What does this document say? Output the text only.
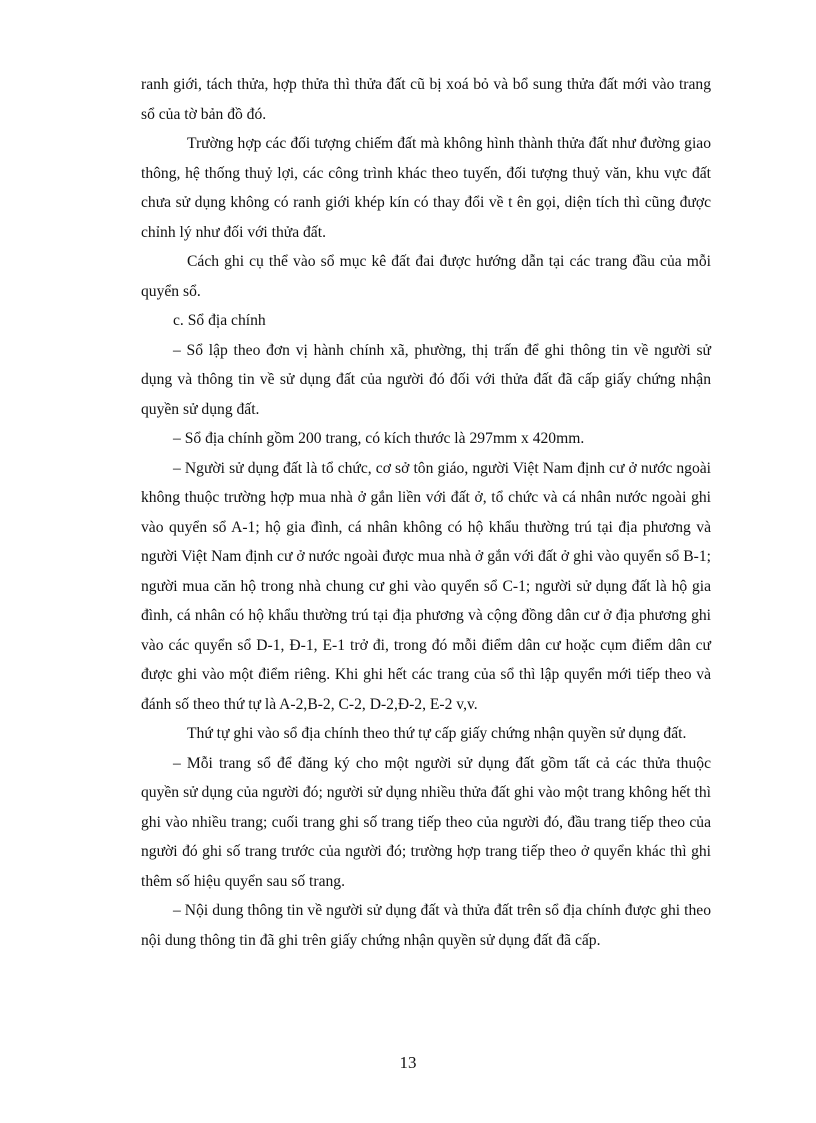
ranh giới, tách thửa, hợp thửa thì thửa đất cũ bị xoá bỏ và bổ sung thửa đất mới vào trang sổ của tờ bản đồ đó.

Trường hợp các đối tượng chiếm đất mà không hình thành thửa đất như đường giao thông, hệ thống thuỷ lợi, các công trình khác theo tuyến, đối tượng thuỷ văn, khu vực đất chưa sử dụng không có ranh giới khép kín có thay đổi về t ên gọi, diện tích thì cũng được chỉnh lý như đối với thửa đất.

Cách ghi cụ thể vào sổ mục kê đất đai được hướng dẫn tại các trang đầu của mỗi quyển sổ.

c. Sổ địa chính

– Sổ lập theo đơn vị hành chính xã, phường, thị trấn để ghi thông tin về người sử dụng và thông tin về sử dụng đất của người đó đối với thửa đất đã cấp giấy chứng nhận quyền sử dụng đất.

– Sổ địa chính gồm 200 trang, có kích thước là 297mm x 420mm.

– Người sử dụng đất là tổ chức, cơ sở tôn giáo, người Việt Nam định cư ở nước ngoài không thuộc trường hợp mua nhà ở gắn liền với đất ở, tổ chức và cá nhân nước ngoài ghi vào quyển sổ A-1; hộ gia đình, cá nhân không có hộ khẩu thường trú tại địa phương và người Việt Nam định cư ở nước ngoài được mua nhà ở gắn với đất ở ghi vào quyển sổ B-1; người mua căn hộ trong nhà chung cư ghi vào quyển sổ C-1; người sử dụng đất là hộ gia đình, cá nhân có hộ khẩu thường trú tại địa phương và cộng đồng dân cư ở địa phương ghi vào các quyển sổ D-1, Đ-1, E-1 trở đi, trong đó mỗi điểm dân cư hoặc cụm điểm dân cư được ghi vào một điểm riêng. Khi ghi hết các trang của sổ thì lập quyển mới tiếp theo và đánh số theo thứ tự là A-2,B-2, C-2, D-2,Đ-2, E-2 v,v.

Thứ tự ghi vào sổ địa chính theo thứ tự cấp giấy chứng nhận quyền sử dụng đất.

– Mỗi trang sổ để đăng ký cho một người sử dụng đất gồm tất cả các thửa thuộc quyền sử dụng của người đó; người sử dụng nhiều thửa đất ghi vào một trang không hết thì ghi vào nhiều trang; cuối trang ghi số trang tiếp theo của người đó, đầu trang tiếp theo của người đó ghi số trang trước của người đó; trường hợp trang tiếp theo ở quyển khác thì ghi thêm số hiệu quyển sau số trang.

– Nội dung thông tin về người sử dụng đất và thửa đất trên sổ địa chính được ghi theo nội dung thông tin đã ghi trên giấy chứng nhận quyền sử dụng đất đã cấp.

13
